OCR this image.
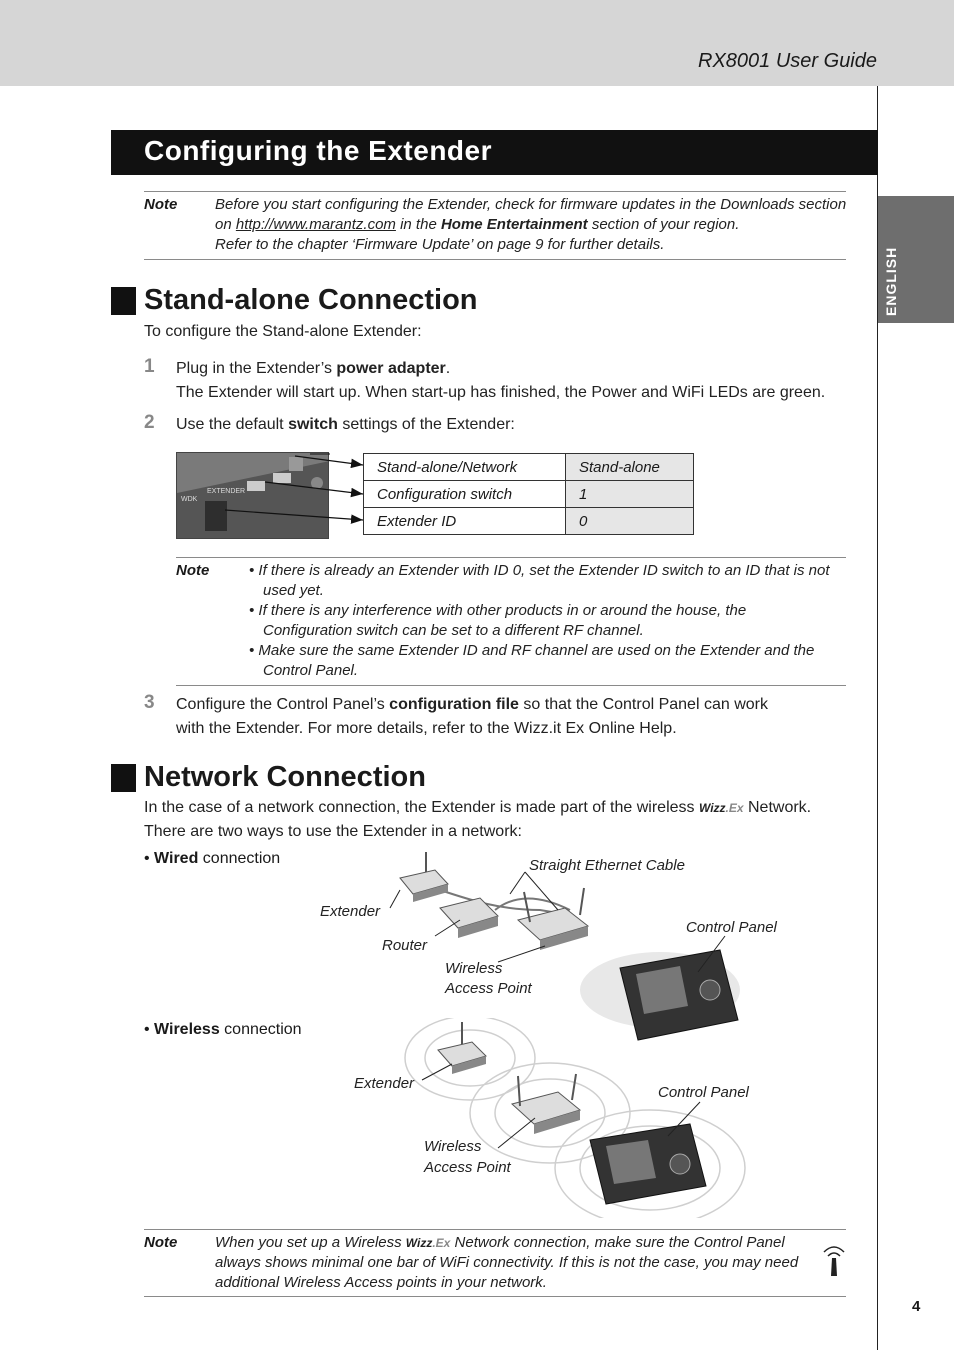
RX8001 User Guide
ENGLISH
4
Configuring the Extender
Note	Before you start configuring the Extender, check for firmware updates in the Downloads section
on http://www.marantz.com in the Home Entertainment section of your region.
Refer to the chapter ‘Firmware Update’ on page 9 for further details.
Stand-alone Connection
To configure the Stand-alone Extender:
1 Plug in the Extender’s power adapter.
The Extender will start up. When start-up has finished, the Power and WiFi LEDs are green.
2 Use the default switch settings of the Extender:
WDK
EXTENDER
Stand-alone/Network	Stand-alone
Configuration switch	1
Extender ID	0
Note	• If there is already an Extender with ID 0, set the Extender ID switch to an ID that is not
used yet.
• If there is any interference with other products in or around the house, the
Configuration switch can be set to a different RF channel.
• Make sure the same Extender ID and RF channel are used on the Extender and the
Control Panel.
3 Configure the Control Panel’s configuration file so that the Control Panel can work
with the Extender. For more details, refer to the Wizz.it Ex Online Help.
Network Connection
In the case of a network connection, the Extender is made part of the wireless Wizz.Ex Network.
There are two ways to use the Extender in a network:
• Wired connection
• Wireless connection
Straight Ethernet Cable
Extender
Router
Control Panel
Wireless
Access Point
Extender
Control Panel
Wireless
Access Point
Note	When you set up a Wireless Wizz.Ex Network connection, make sure the Control Panel
always shows minimal one bar of WiFi connectivity. If this is not the case, you may need
additional Wireless Access points in your network.
